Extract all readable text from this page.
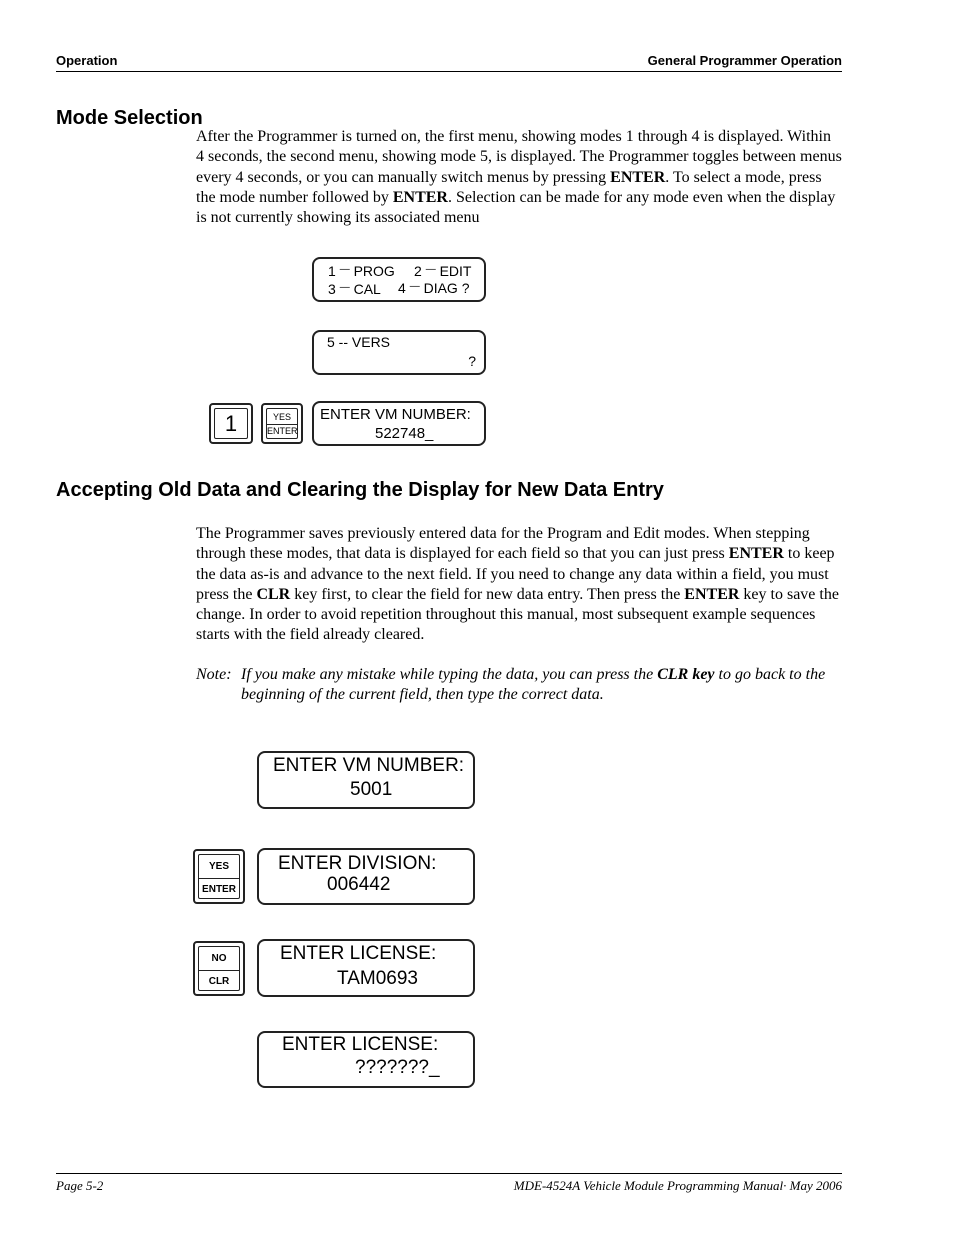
Operation	General Programmer Operation
Mode Selection
After the Programmer is turned on, the first menu, showing modes 1 through 4 is displayed. Within 4 seconds, the second menu, showing mode 5, is displayed. The Programmer toggles between menus every 4 seconds, or you can manually switch menus by pressing ENTER. To select a mode, press the mode number followed by ENTER. Selection can be made for any mode even when the display is not currently showing its associated menu
1 — PROG 2 — EDIT
3 — CAL 4 — DIAG ?
5 -- VERS
?
1	YES
ENTER
ENTER VM NUMBER:
522748_
Accepting Old Data and Clearing the Display for New Data Entry
The Programmer saves previously entered data for the Program and Edit modes. When stepping through these modes, that data is displayed for each field so that you can just press ENTER to keep the data as-is and advance to the next field. If you need to change any data within a field, you must press the CLR key first, to clear the field for new data entry. Then press the ENTER key to save the change. In order to avoid repetition throughout this manual, most subsequent example sequences starts with the field already cleared.
Note: If you make any mistake while typing the data, you can press the CLR key to go back to the beginning of the current field, then type the correct data.
ENTER VM NUMBER:
5001
YES
ENTER
ENTER DIVISION:
006442
NO
CLR
ENTER LICENSE:
TAM0693
ENTER LICENSE:
???????_
Page 5-2	MDE-4524A Vehicle Module Programming Manual· May 2006
